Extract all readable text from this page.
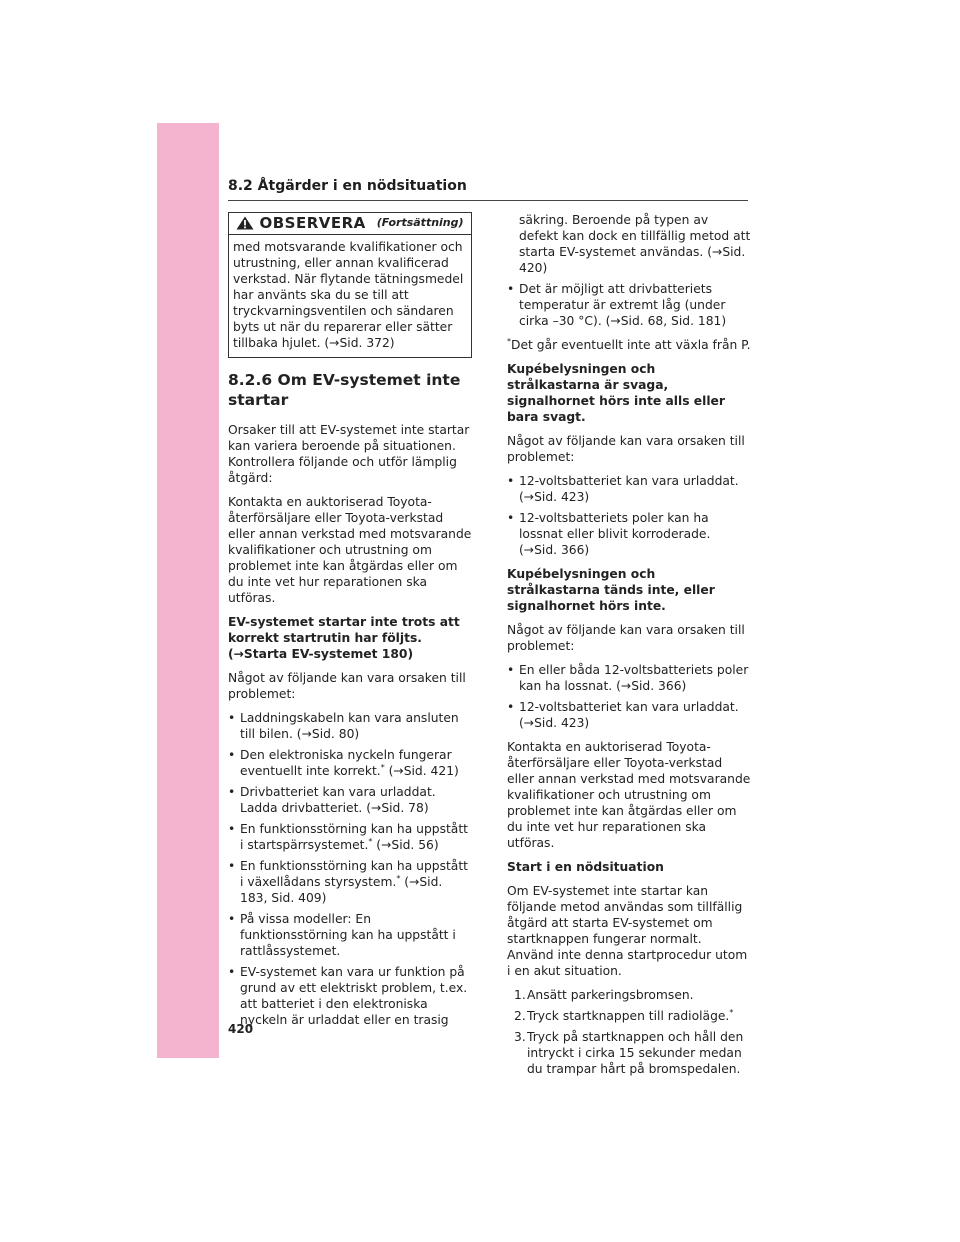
8.2 Åtgärder i en nödsituation
OBSERVERA (Fortsättning)
med motsvarande kvalifikationer och utrustning, eller annan kvalificerad verkstad. När flytande tätningsmedel har använts ska du se till att tryckvarningsventilen och sändaren byts ut när du reparerar eller sätter tillbaka hjulet. (→Sid. 372)
8.2.6 Om EV-systemet inte startar

Orsaker till att EV-systemet inte startar kan variera beroende på situationen. Kontrollera följande och utför lämplig åtgärd:

Kontakta en auktoriserad Toyota-återförsäljare eller Toyota-verkstad eller annan verkstad med motsvarande kvalifikationer och utrustning om problemet inte kan åtgärdas eller om du inte vet hur reparationen ska utföras.

EV-systemet startar inte trots att korrekt startrutin har följts. (→Starta EV-systemet 180)

Något av följande kan vara orsaken till problemet:

• Laddningskabeln kan vara ansluten till bilen. (→Sid. 80)
• Den elektroniska nyckeln fungerar eventuellt inte korrekt.* (→Sid. 421)
• Drivbatteriet kan vara urladdat. Ladda drivbatteriet. (→Sid. 78)
• En funktionsstörning kan ha uppstått i startspärrsystemet.* (→Sid. 56)
• En funktionsstörning kan ha uppstått i växellådans styrsystem.* (→Sid. 183, Sid. 409)
• På vissa modeller: En funktionsstörning kan ha uppstått i rattlåssystemet.
• EV-systemet kan vara ur funktion på grund av ett elektriskt problem, t.ex. att batteriet i den elektroniska nyckeln är urladdat eller en trasig
säkring. Beroende på typen av defekt kan dock en tillfällig metod att starta EV-systemet användas. (→Sid. 420)
• Det är möjligt att drivbatteriets temperatur är extremt låg (under cirka –30 °C). (→Sid. 68, Sid. 181)

*Det går eventuellt inte att växla från P.

Kupébelysningen och strålkastarna är svaga, signalhornet hörs inte alls eller bara svagt.

Något av följande kan vara orsaken till problemet:

• 12-voltsbatteriet kan vara urladdat. (→Sid. 423)
• 12-voltsbatteriets poler kan ha lossnat eller blivit korroderade. (→Sid. 366)

Kupébelysningen och strålkastarna tänds inte, eller signalhornet hörs inte.

Något av följande kan vara orsaken till problemet:

• En eller båda 12-voltsbatteriets poler kan ha lossnat. (→Sid. 366)
• 12-voltsbatteriet kan vara urladdat. (→Sid. 423)

Kontakta en auktoriserad Toyota-återförsäljare eller Toyota-verkstad eller annan verkstad med motsvarande kvalifikationer och utrustning om problemet inte kan åtgärdas eller om du inte vet hur reparationen ska utföras.

Start i en nödsituation

Om EV-systemet inte startar kan följande metod användas som tillfällig åtgärd att starta EV-systemet om startknappen fungerar normalt. Använd inte denna startprocedur utom i en akut situation.

1. Ansätt parkeringsbromsen.
2. Tryck startknappen till radioläge.*
3. Tryck på startknappen och håll den intryckt i cirka 15 sekunder medan du trampar hårt på bromspedalen.
420
